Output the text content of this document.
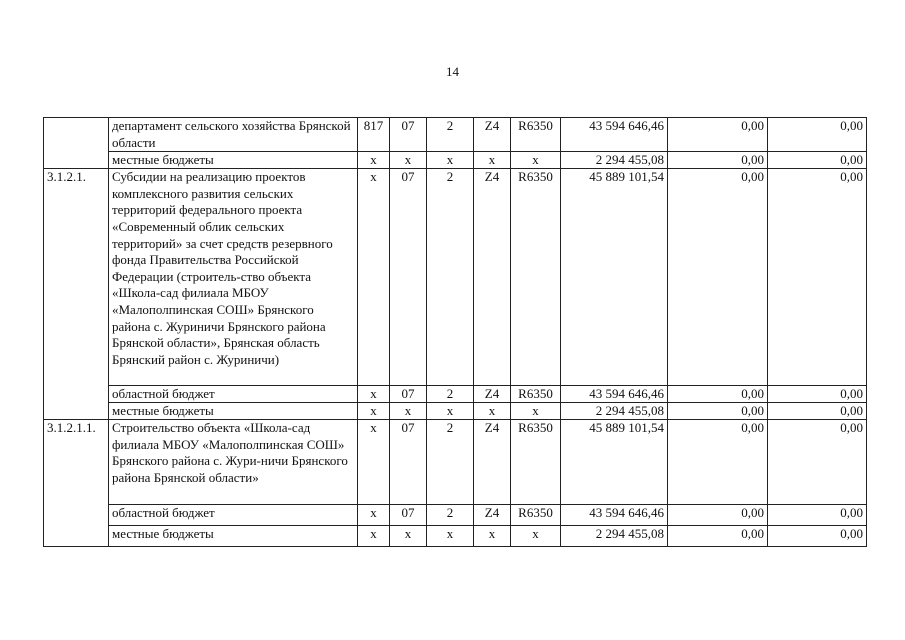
14
	департамент сельского хозяйства Брянской области	817	07	2	Z4	R6350	43 594 646,46	0,00	0,00
	местные бюджеты	х	х	х	х	х	2 294 455,08	0,00	0,00
3.1.2.1.	Субсидии на реализацию проектов комплексного развития сельских территорий федерального проекта «Современный облик сельских территорий» за счет средств резервного фонда Правительства Российской Федерации (строитель-ство объекта «Школа-сад филиала МБОУ «Малополпинская СОШ» Брянского района с. Журиничи Брянского района Брянской области», Брянская область Брянский район с. Журиничи)	х	07	2	Z4	R6350	45 889 101,54	0,00	0,00
	областной бюджет	х	07	2	Z4	R6350	43 594 646,46	0,00	0,00
	местные бюджеты	х	х	х	х	х	2 294 455,08	0,00	0,00
3.1.2.1.1.	Строительство объекта «Школа-сад филиала МБОУ «Малополпинская СОШ» Брянского района с. Жури-ничи Брянского района Брянской области»	х	07	2	Z4	R6350	45 889 101,54	0,00	0,00
	областной бюджет	х	07	2	Z4	R6350	43 594 646,46	0,00	0,00
	местные бюджеты	х	х	х	х	х	2 294 455,08	0,00	0,00
